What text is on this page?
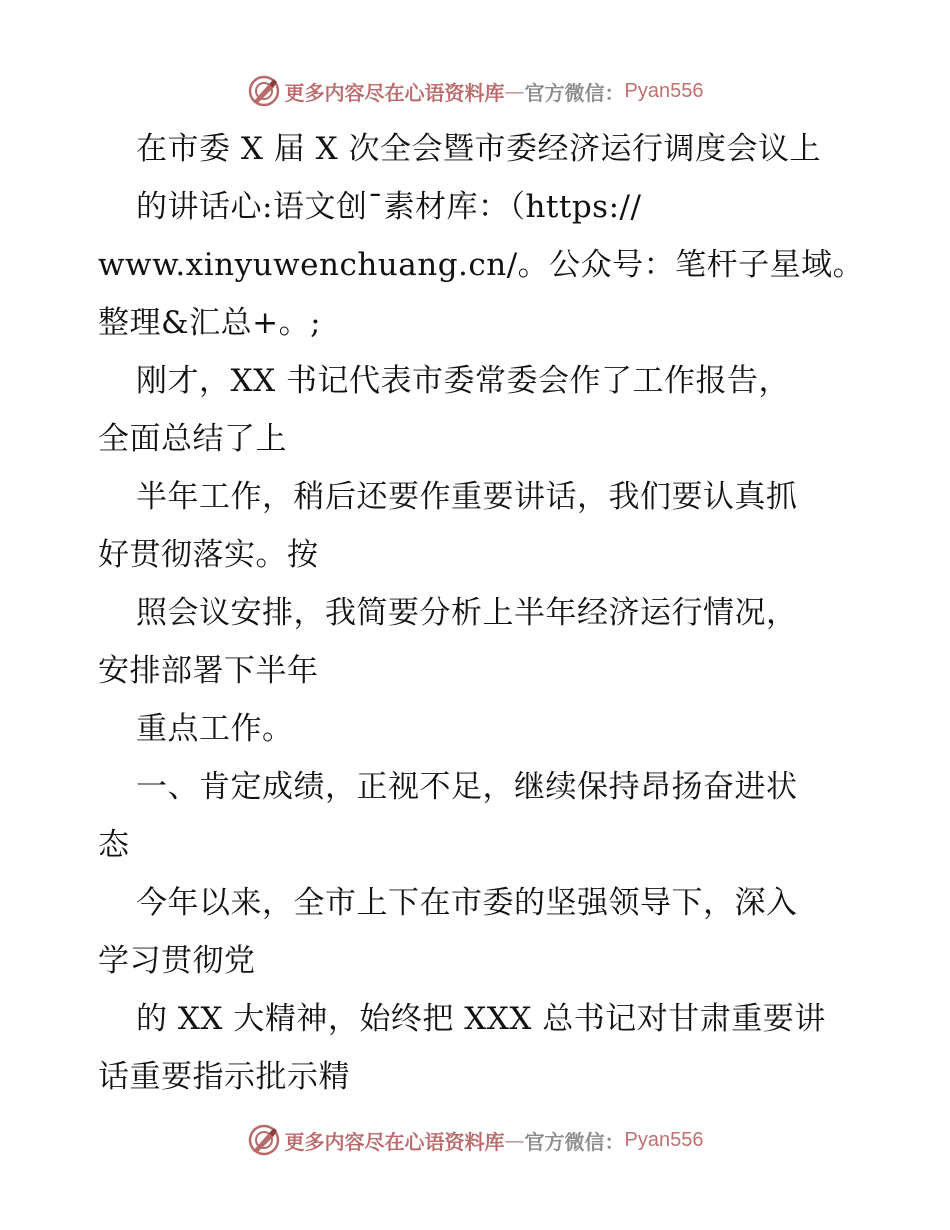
更多内容尽在心语资料库 — 官方微信： Pyan556
在市委 X 届 X 次全会暨市委经济运行调度会议上
的讲话心:语文创¯素材库：（https://
www.xinyuwenchuang.cn/。公众号：笔杆子星域。
整理&汇总+。;
刚才，XX 书记代表市委常委会作了工作报告，
全面总结了上
半年工作，稍后还要作重要讲话，我们要认真抓
好贯彻落实。按
照会议安排，我简要分析上半年经济运行情况，
安排部署下半年
重点工作。
一、肯定成绩，正视不足，继续保持昂扬奋进状
态
今年以来，全市上下在市委的坚强领导下，深入
学习贯彻党
的 XX 大精神，始终把 XXX 总书记对甘肃重要讲
话重要指示批示精
更多内容尽在心语资料库 — 官方微信： Pyan556
